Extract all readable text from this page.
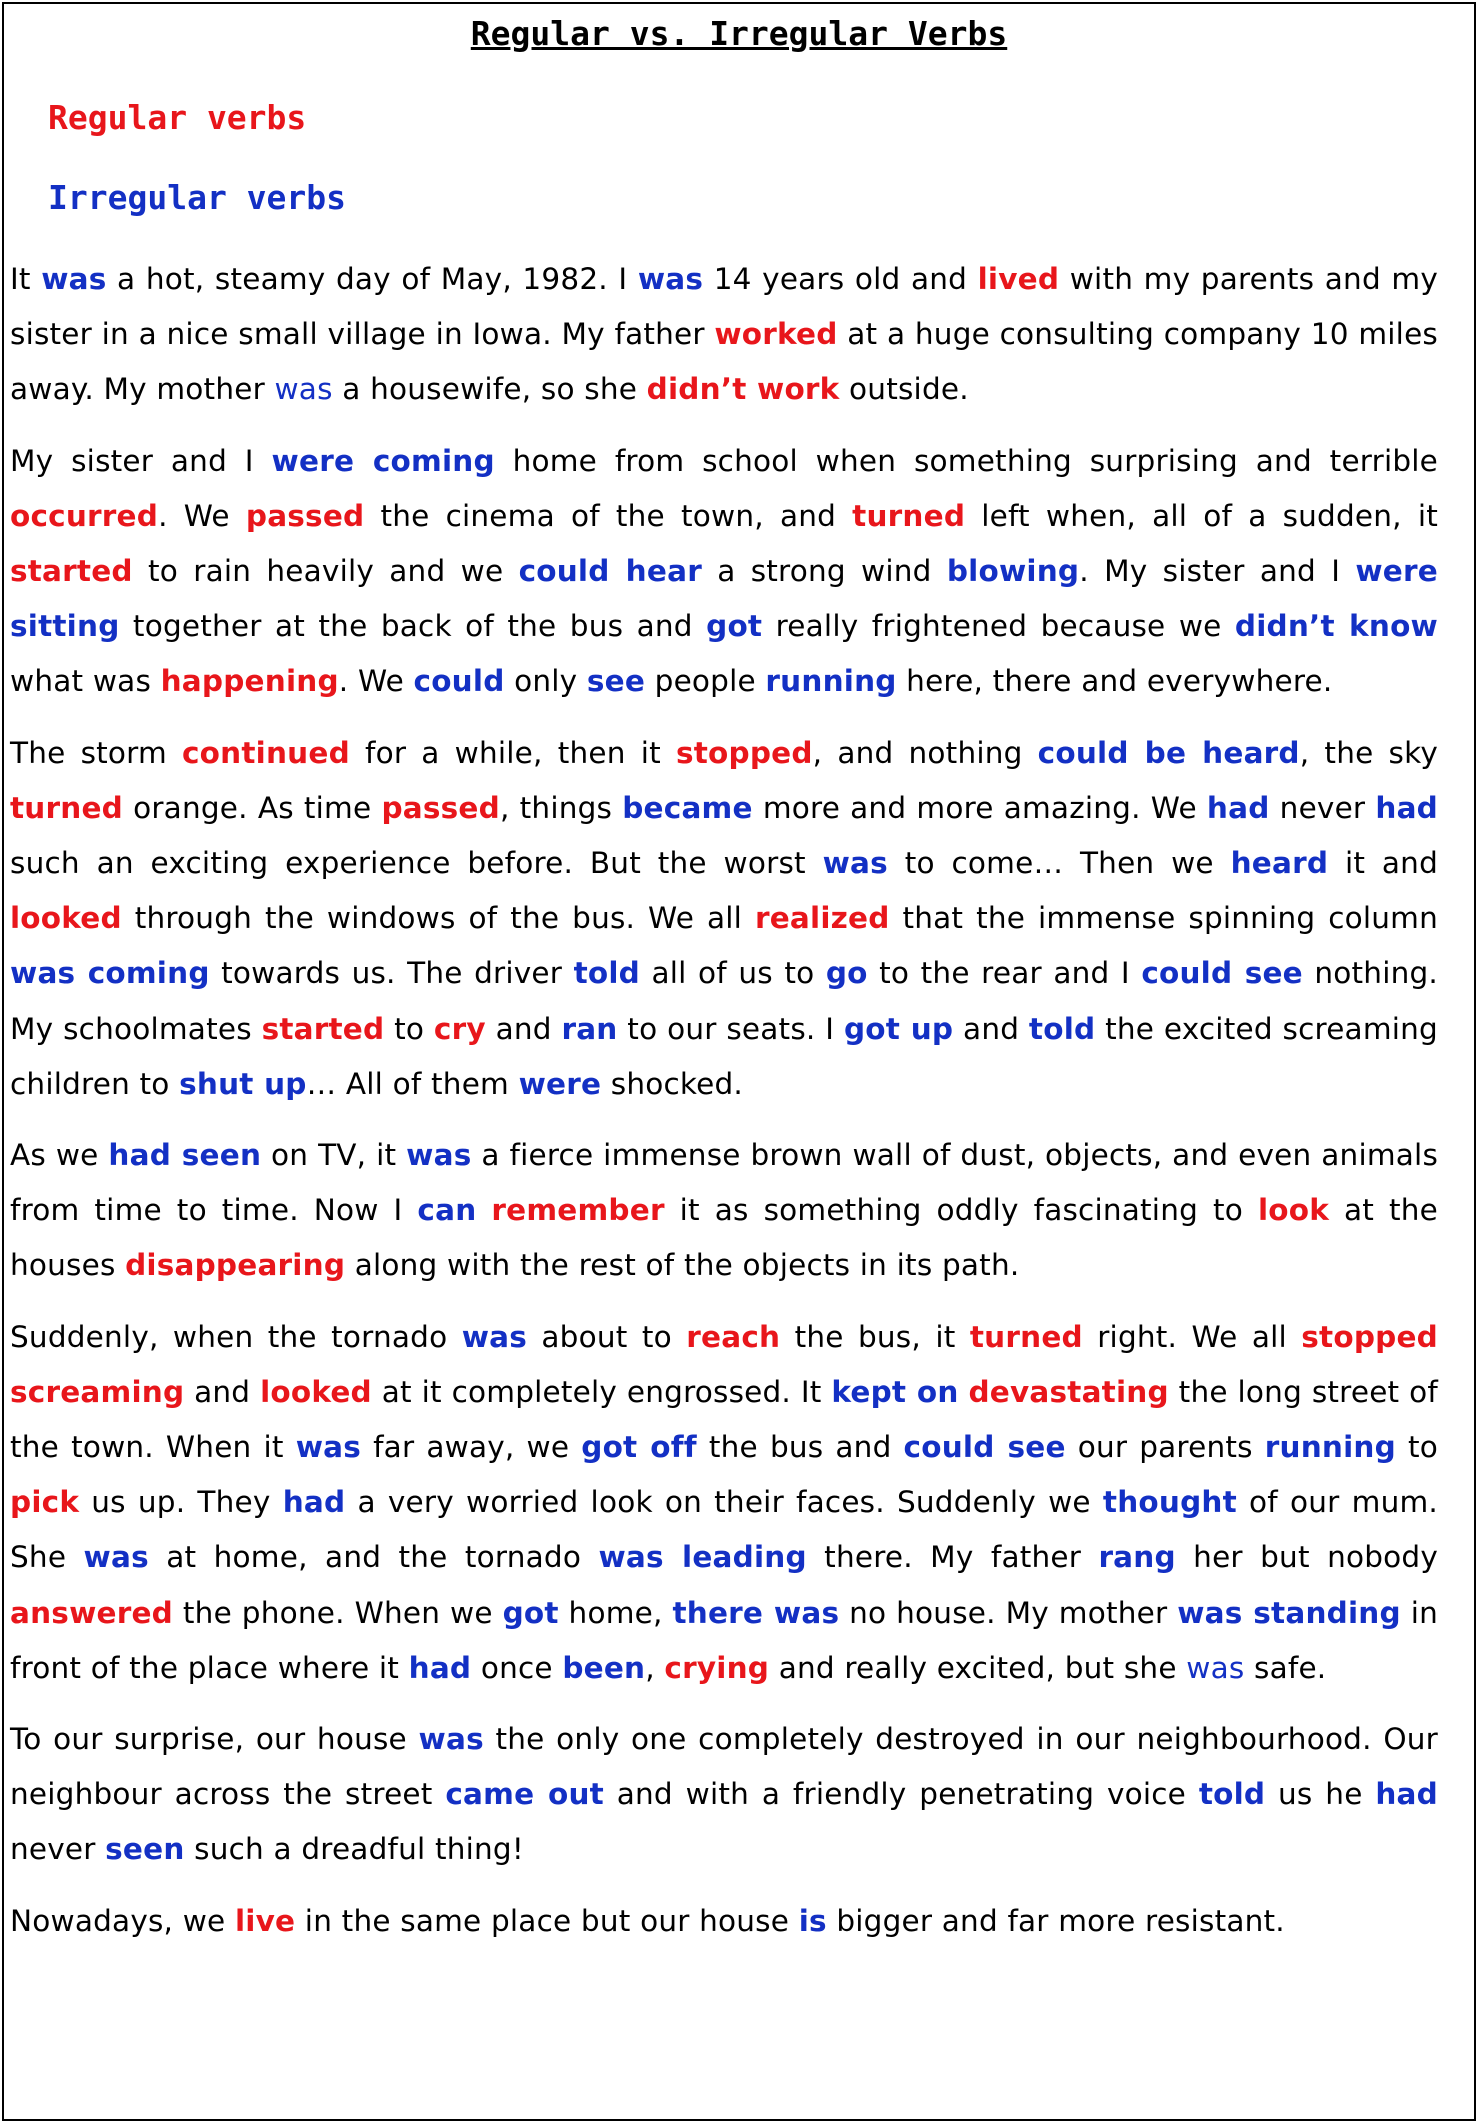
Regular vs. Irregular Verbs
Regular verbs
Irregular verbs

It was a hot, steamy day of May, 1982. I was 14 years old and lived with my parents and my sister in a nice small village in Iowa. My father worked at a huge consulting company 10 miles away. My mother was a housewife, so she didn’t work outside.

My sister and I were coming home from school when something surprising and terrible occurred. We passed the cinema of the town, and turned left when, all of a sudden, it started to rain heavily and we could hear a strong wind blowing. My sister and I were sitting together at the back of the bus and got really frightened because we didn’t know what was happening. We could only see people running here, there and everywhere.

The storm continued for a while, then it stopped, and nothing could be heard, the sky turned orange. As time passed, things became more and more amazing. We had never had such an exciting experience before. But the worst was to come… Then we heard it and looked through the windows of the bus. We all realized that the immense spinning column was coming towards us. The driver told all of us to go to the rear and I could see nothing. My schoolmates started to cry and ran to our seats. I got up and told the excited screaming children to shut up… All of them were shocked.

As we had seen on TV, it was a fierce immense brown wall of dust, objects, and even animals from time to time. Now I can remember it as something oddly fascinating to look at the houses disappearing along with the rest of the objects in its path.

Suddenly, when the tornado was about to reach the bus, it turned right. We all stopped screaming and looked at it completely engrossed. It kept on devastating the long street of the town. When it was far away, we got off the bus and could see our parents running to pick us up. They had a very worried look on their faces. Suddenly we thought of our mum. She was at home, and the tornado was leading there. My father rang her but nobody answered the phone. When we got home, there was no house. My mother was standing in front of the place where it had once been, crying and really excited, but she was safe.

To our surprise, our house was the only one completely destroyed in our neighbourhood. Our neighbour across the street came out and with a friendly penetrating voice told us he had never seen such a dreadful thing!

Nowadays, we live in the same place but our house is bigger and far more resistant.
